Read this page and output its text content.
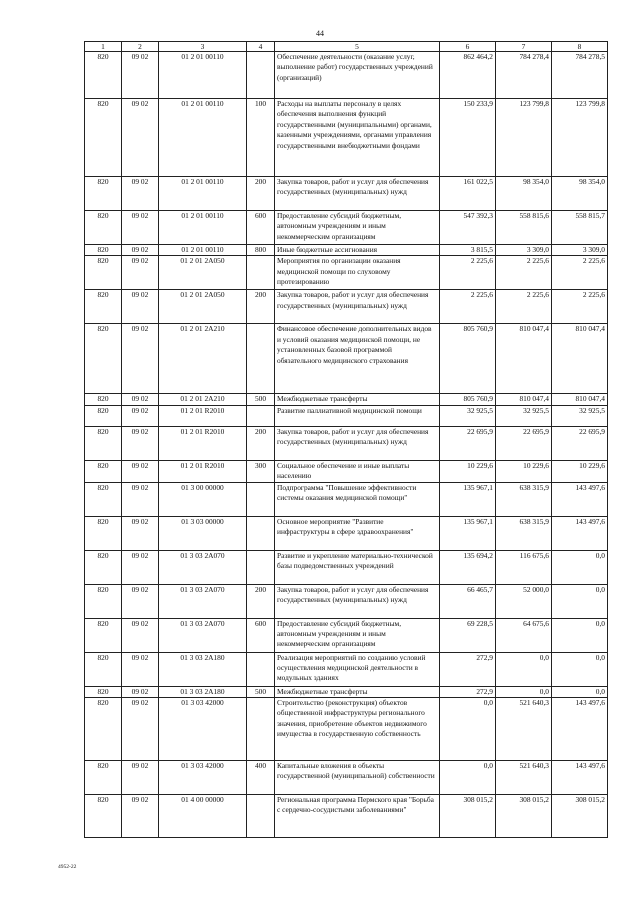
44
1	2	3	4	5	6	7	8
820	09 02	01 2 01 00110		Обеспечение деятельности (оказание услуг, выполнение работ) государственных учреждений (организаций)	862 464,2	784 278,4	784 278,5
820	09 02	01 2 01 00110	100	Расходы на выплаты персоналу в целях обеспечения выполнения функций государственными (муниципальными) органами, казенными учреждениями, органами управления государственными внебюджетными фондами	150 233,9	123 799,8	123 799,8
820	09 02	01 2 01 00110	200	Закупка товаров, работ и услуг для обеспечения государственных (муниципальных) нужд	161 022,5	98 354,0	98 354,0
820	09 02	01 2 01 00110	600	Предоставление субсидий бюджетным, автономным учреждениям и иным некоммерческим организациям	547 392,3	558 815,6	558 815,7
820	09 02	01 2 01 00110	800	Иные бюджетные ассигнования	3 815,5	3 309,0	3 309,0
820	09 02	01 2 01 2А050		Мероприятия по организации оказания медицинской помощи по слуховому протезированию	2 225,6	2 225,6	2 225,6
820	09 02	01 2 01 2А050	200	Закупка товаров, работ и услуг для обеспечения государственных (муниципальных) нужд	2 225,6	2 225,6	2 225,6
820	09 02	01 2 01 2А210		Финансовое обеспечение дополнительных видов и условий оказания медицинской помощи, не установленных базовой программой обязательного медицинского страхования	805 760,9	810 047,4	810 047,4
820	09 02	01 2 01 2А210	500	Межбюджетные трансферты	805 760,9	810 047,4	810 047,4
820	09 02	01 2 01 R2010		Развитие паллиативной медицинской помощи	32 925,5	32 925,5	32 925,5
820	09 02	01 2 01 R2010	200	Закупка товаров, работ и услуг для обеспечения государственных (муниципальных) нужд	22 695,9	22 695,9	22 695,9
820	09 02	01 2 01 R2010	300	Социальное обеспечение и иные выплаты населению	10 229,6	10 229,6	10 229,6
820	09 02	01 3 00 00000		Подпрограмма "Повышение эффективности системы оказания медицинской помощи"	135 967,1	638 315,9	143 497,6
820	09 02	01 3 03 00000		Основное мероприятие "Развитие инфраструктуры в сфере здравоохранения"	135 967,1	638 315,9	143 497,6
820	09 02	01 3 03 2А070		Развитие и укрепление материально-технической базы подведомственных учреждений	135 694,2	116 675,6	0,0
820	09 02	01 3 03 2А070	200	Закупка товаров, работ и услуг для обеспечения государственных (муниципальных) нужд	66 465,7	52 000,0	0,0
820	09 02	01 3 03 2А070	600	Предоставление субсидий бюджетным, автономным учреждениям и иным некоммерческим организациям	69 228,5	64 675,6	0,0
820	09 02	01 3 03 2А180		Реализация мероприятий по созданию условий осуществления медицинской деятельности в модульных зданиях	272,9	0,0	0,0
820	09 02	01 3 03 2А180	500	Межбюджетные трансферты	272,9	0,0	0,0
820	09 02	01 3 03 42000		Строительство (реконструкция) объектов общественной инфраструктуры регионального значения, приобретение объектов недвижимого имущества в государственную собственность	0,0	521 640,3	143 497,6
820	09 02	01 3 03 42000	400	Капитальные вложения в объекты государственной (муниципальной) собственности	0,0	521 640,3	143 497,6
820	09 02	01 4 00 00000		Региональная программа Пермского края "Борьба с сердечно-сосудистыми заболеваниями"	308 015,2	308 015,2	308 015,2
4952-22
